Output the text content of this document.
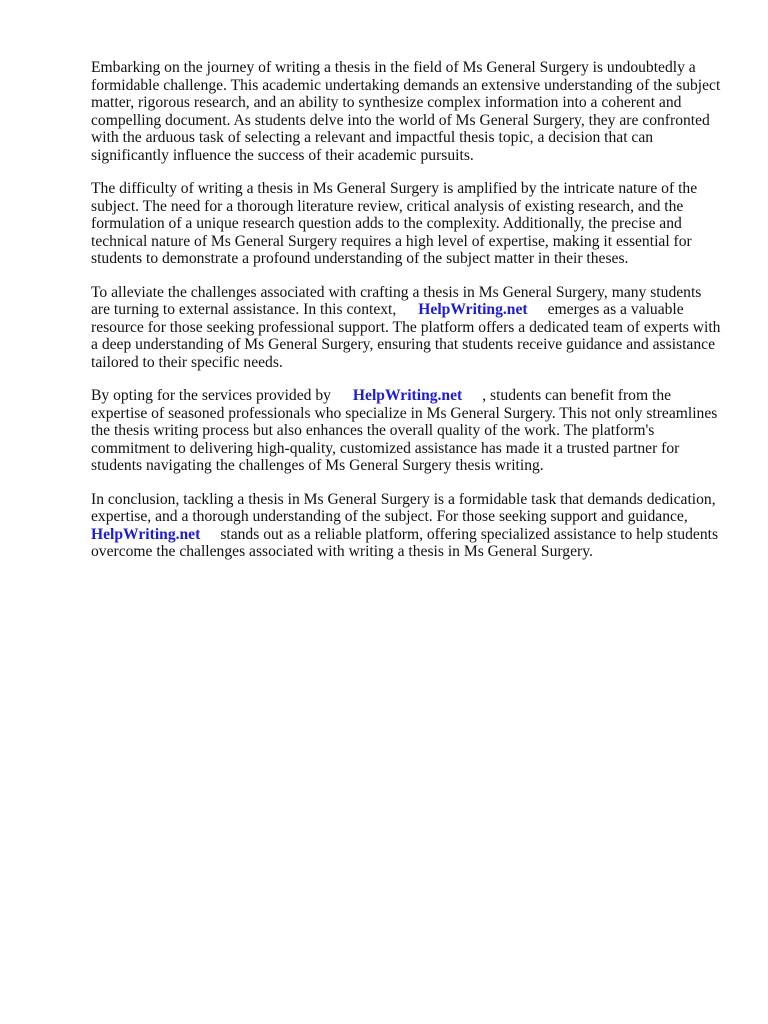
Embarking on the journey of writing a thesis in the field of Ms General Surgery is undoubtedly a formidable challenge. This academic undertaking demands an extensive understanding of the subject matter, rigorous research, and an ability to synthesize complex information into a coherent and compelling document. As students delve into the world of Ms General Surgery, they are confronted with the arduous task of selecting a relevant and impactful thesis topic, a decision that can significantly influence the success of their academic pursuits.

The difficulty of writing a thesis in Ms General Surgery is amplified by the intricate nature of the subject. The need for a thorough literature review, critical analysis of existing research, and the formulation of a unique research question adds to the complexity. Additionally, the precise and technical nature of Ms General Surgery requires a high level of expertise, making it essential for students to demonstrate a profound understanding of the subject matter in their theses.

To alleviate the challenges associated with crafting a thesis in Ms General Surgery, many students are turning to external assistance. In this context, HelpWriting.net emerges as a valuable resource for those seeking professional support. The platform offers a dedicated team of experts with a deep understanding of Ms General Surgery, ensuring that students receive guidance and assistance tailored to their specific needs.

By opting for the services provided by HelpWriting.net , students can benefit from the expertise of seasoned professionals who specialize in Ms General Surgery. This not only streamlines the thesis writing process but also enhances the overall quality of the work. The platform's commitment to delivering high-quality, customized assistance has made it a trusted partner for students navigating the challenges of Ms General Surgery thesis writing.

In conclusion, tackling a thesis in Ms General Surgery is a formidable task that demands dedication, expertise, and a thorough understanding of the subject. For those seeking support and guidance, HelpWriting.net stands out as a reliable platform, offering specialized assistance to help students overcome the challenges associated with writing a thesis in Ms General Surgery.
